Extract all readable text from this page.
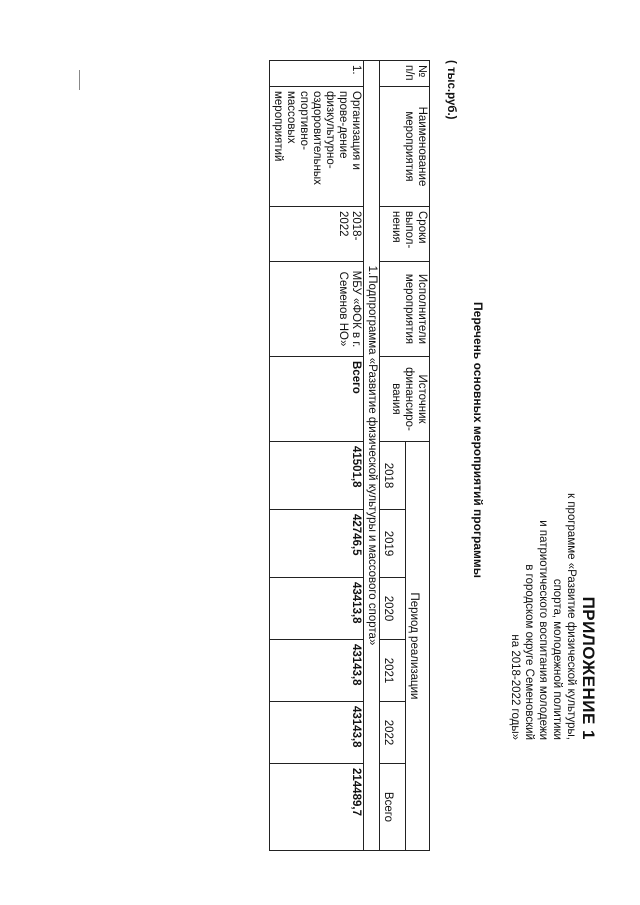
ПРИЛОЖЕНИЕ 1
к программе «Развитие физической культуры,
спорта, молодежной политики
и патриотического воспитания молодежи
в городском округе Семеновский
на 2018-2022 годы»
Перечень основных мероприятий программы
( тыс.руб.)
№ п/п	Наименование мероприятия	Сроки выпол-нения	Исполнители мероприятия	Источник финансиро-вания	Период реализации					
					2018	2019	2020	2021	2022	Всего
1.Подпрограмма «Развитие физической культуры и массового спорта»										
1.	Организация и прове-дение физкультурно-оздоровительных спортивно-массовых мероприятий	2018-2022	МБУ «ФОК в г. Семенов НО»	Всего	41501,8	42746,5	43413,8	43143,8	43143,8	214489,7
